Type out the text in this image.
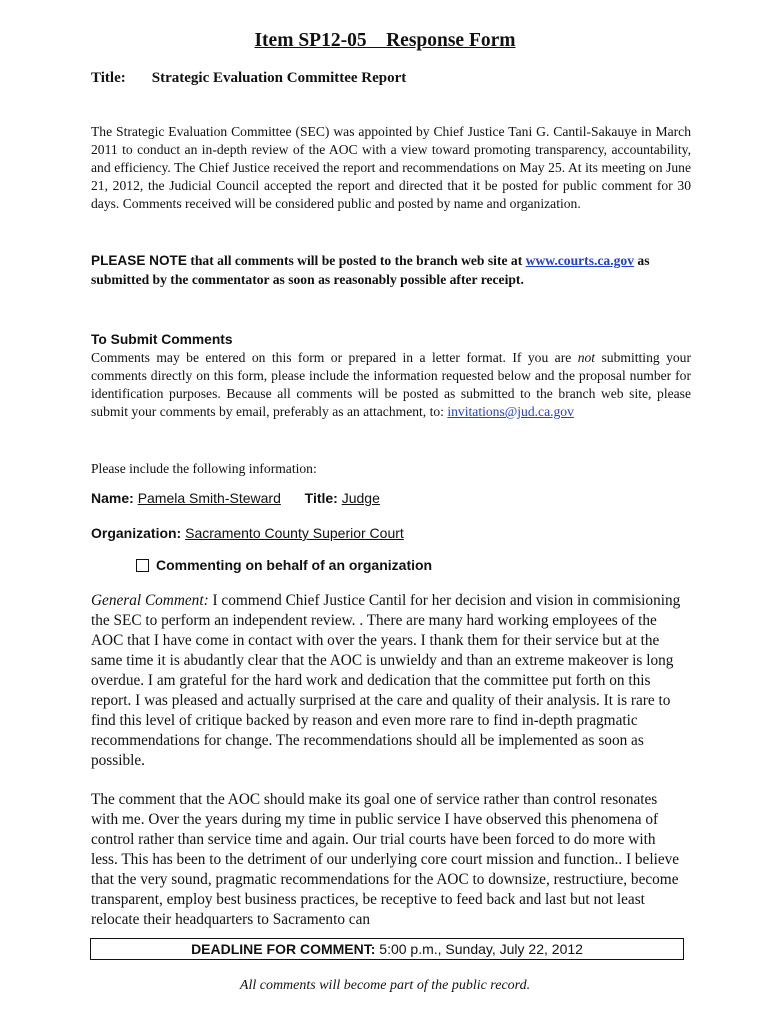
Item SP12-05 Response Form
Title: Strategic Evaluation Committee Report
The Strategic Evaluation Committee (SEC) was appointed by Chief Justice Tani G. Cantil-Sakauye in March 2011 to conduct an in-depth review of the AOC with a view toward promoting transparency, accountability, and efficiency. The Chief Justice received the report and recommendations on May 25. At its meeting on June 21, 2012, the Judicial Council accepted the report and directed that it be posted for public comment for 30 days. Comments received will be considered public and posted by name and organization.
PLEASE NOTE that all comments will be posted to the branch web site at www.courts.ca.gov as submitted by the commentator as soon as reasonably possible after receipt.
To Submit Comments
Comments may be entered on this form or prepared in a letter format. If you are not submitting your comments directly on this form, please include the information requested below and the proposal number for identification purposes. Because all comments will be posted as submitted to the branch web site, please submit your comments by email, preferably as an attachment, to: invitations@jud.ca.gov
Please include the following information:
Name: Pamela Smith-Steward Title: Judge
Organization: Sacramento County Superior Court
Commenting on behalf of an organization
General Comment: I commend Chief Justice Cantil for her decision and vision in commisioning the SEC to perform an independent review. . There are many hard working employees of the AOC that I have come in contact with over the years. I thank them for their service but at the same time it is abudantly clear that the AOC is unwieldy and than an extreme makeover is long overdue. I am grateful for the hard work and dedication that the committee put forth on this report. I was pleased and actually surprised at the care and quality of their analysis. It is rare to find this level of critique backed by reason and even more rare to find in-depth pragmatic recommendations for change. The recommendations should all be implemented as soon as possible.
The comment that the AOC should make its goal one of service rather than control resonates with me. Over the years during my time in public service I have observed this phenomena of control rather than service time and again. Our trial courts have been forced to do more with less. This has been to the detriment of our underlying core court mission and function.. I believe that the very sound, pragmatic recommendations for the AOC to downsize, restructiure, become transparent, employ best business practices, be receptive to feed back and last but not least relocate their headquarters to Sacramento can
DEADLINE FOR COMMENT: 5:00 p.m., Sunday, July 22, 2012
All comments will become part of the public record.
